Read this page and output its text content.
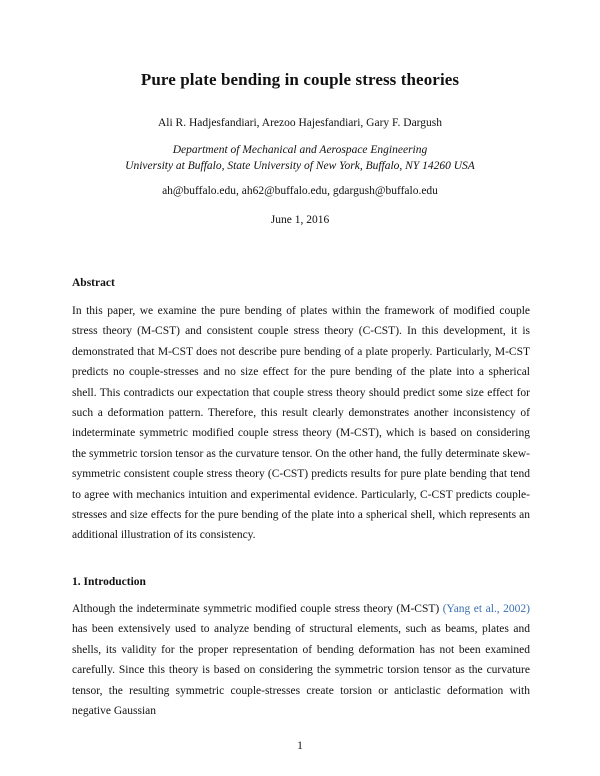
Pure plate bending in couple stress theories
Ali R. Hadjesfandiari, Arezoo Hajesfandiari, Gary F. Dargush
Department of Mechanical and Aerospace Engineering
University at Buffalo, State University of New York, Buffalo, NY 14260 USA
ah@buffalo.edu, ah62@buffalo.edu, gdargush@buffalo.edu
June 1, 2016
Abstract
In this paper, we examine the pure bending of plates within the framework of modified couple stress theory (M-CST) and consistent couple stress theory (C-CST). In this development, it is demonstrated that M-CST does not describe pure bending of a plate properly. Particularly, M-CST predicts no couple-stresses and no size effect for the pure bending of the plate into a spherical shell. This contradicts our expectation that couple stress theory should predict some size effect for such a deformation pattern. Therefore, this result clearly demonstrates another inconsistency of indeterminate symmetric modified couple stress theory (M-CST), which is based on considering the symmetric torsion tensor as the curvature tensor. On the other hand, the fully determinate skew-symmetric consistent couple stress theory (C-CST) predicts results for pure plate bending that tend to agree with mechanics intuition and experimental evidence. Particularly, C-CST predicts couple-stresses and size effects for the pure bending of the plate into a spherical shell, which represents an additional illustration of its consistency.
1. Introduction
Although the indeterminate symmetric modified couple stress theory (M-CST) (Yang et al., 2002) has been extensively used to analyze bending of structural elements, such as beams, plates and shells, its validity for the proper representation of bending deformation has not been examined carefully. Since this theory is based on considering the symmetric torsion tensor as the curvature tensor, the resulting symmetric couple-stresses create torsion or anticlastic deformation with negative Gaussian
1
